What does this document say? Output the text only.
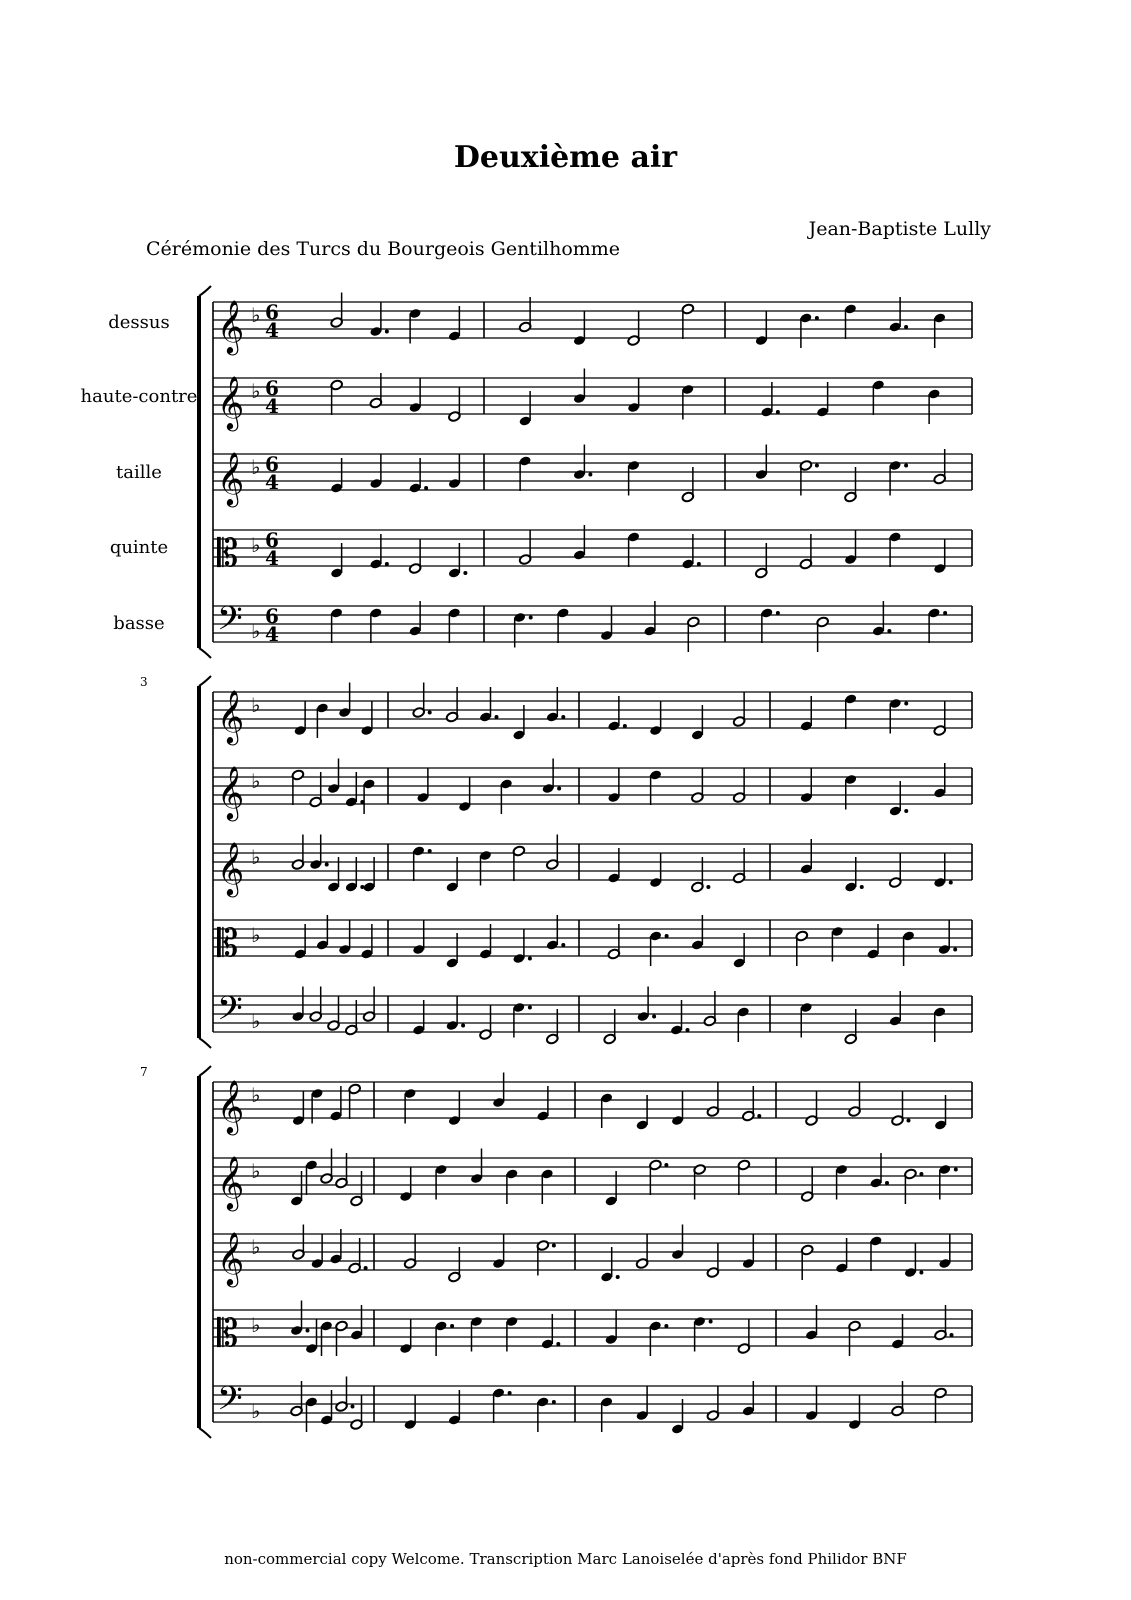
Deuxième air
Jean-Baptiste Lully
Cérémonie des Turcs du Bourgeois Gentilhomme
dessus
haute-contre
taille
quinte
basse
𝄞 ♭ 6
4
𝄞 ♭ 6
4
𝄞 ♭ 6
4
𝄡 ♭ 6
4
𝄢 ♭
6
4
𝄞 ♭
𝄞 ♭
𝄞 ♭
𝄡 ♭
𝄢 ♭
𝄞 ♭
𝄞 ♭
𝄞 ♭
𝄡 ♭
𝄢 ♭
3
7
non-commercial copy Welcome. Transcription Marc Lanoiselée d'après fond Philidor BNF
